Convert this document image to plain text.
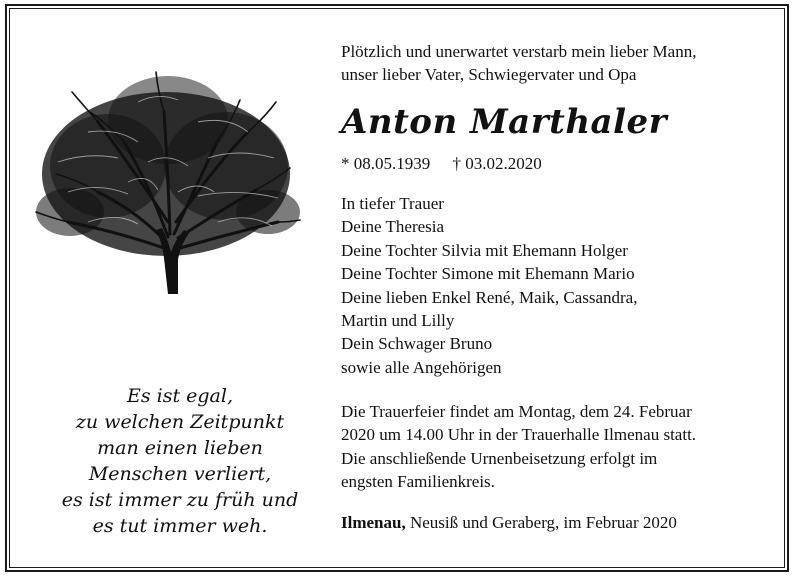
Es ist egal,
zu welchen Zeitpunkt
man einen lieben
Menschen verliert,
es ist immer zu früh und
es tut immer weh.

Plötzlich und unerwartet verstarb mein lieber Mann,

unser lieber Vater, Schwiegervater und Opa

Anton Marthaler
* 08.05.1939 † 03.02.2020
In tiefer Trauer
Deine Theresia
Deine Tochter Silvia mit Ehemann Holger
Deine Tochter Simone mit Ehemann Mario
Deine lieben Enkel René, Maik, Cassandra,
Martin und Lilly
Dein Schwager Bruno
sowie alle Angehörigen
Die Trauerfeier findet am Montag, dem 24. Februar
2020 um 14.00 Uhr in der Trauerhalle Ilmenau statt.
Die anschließende Urnenbeisetzung erfolgt im
engsten Familienkreis.
Ilmenau, Neusiß und Geraberg, im Februar 2020
